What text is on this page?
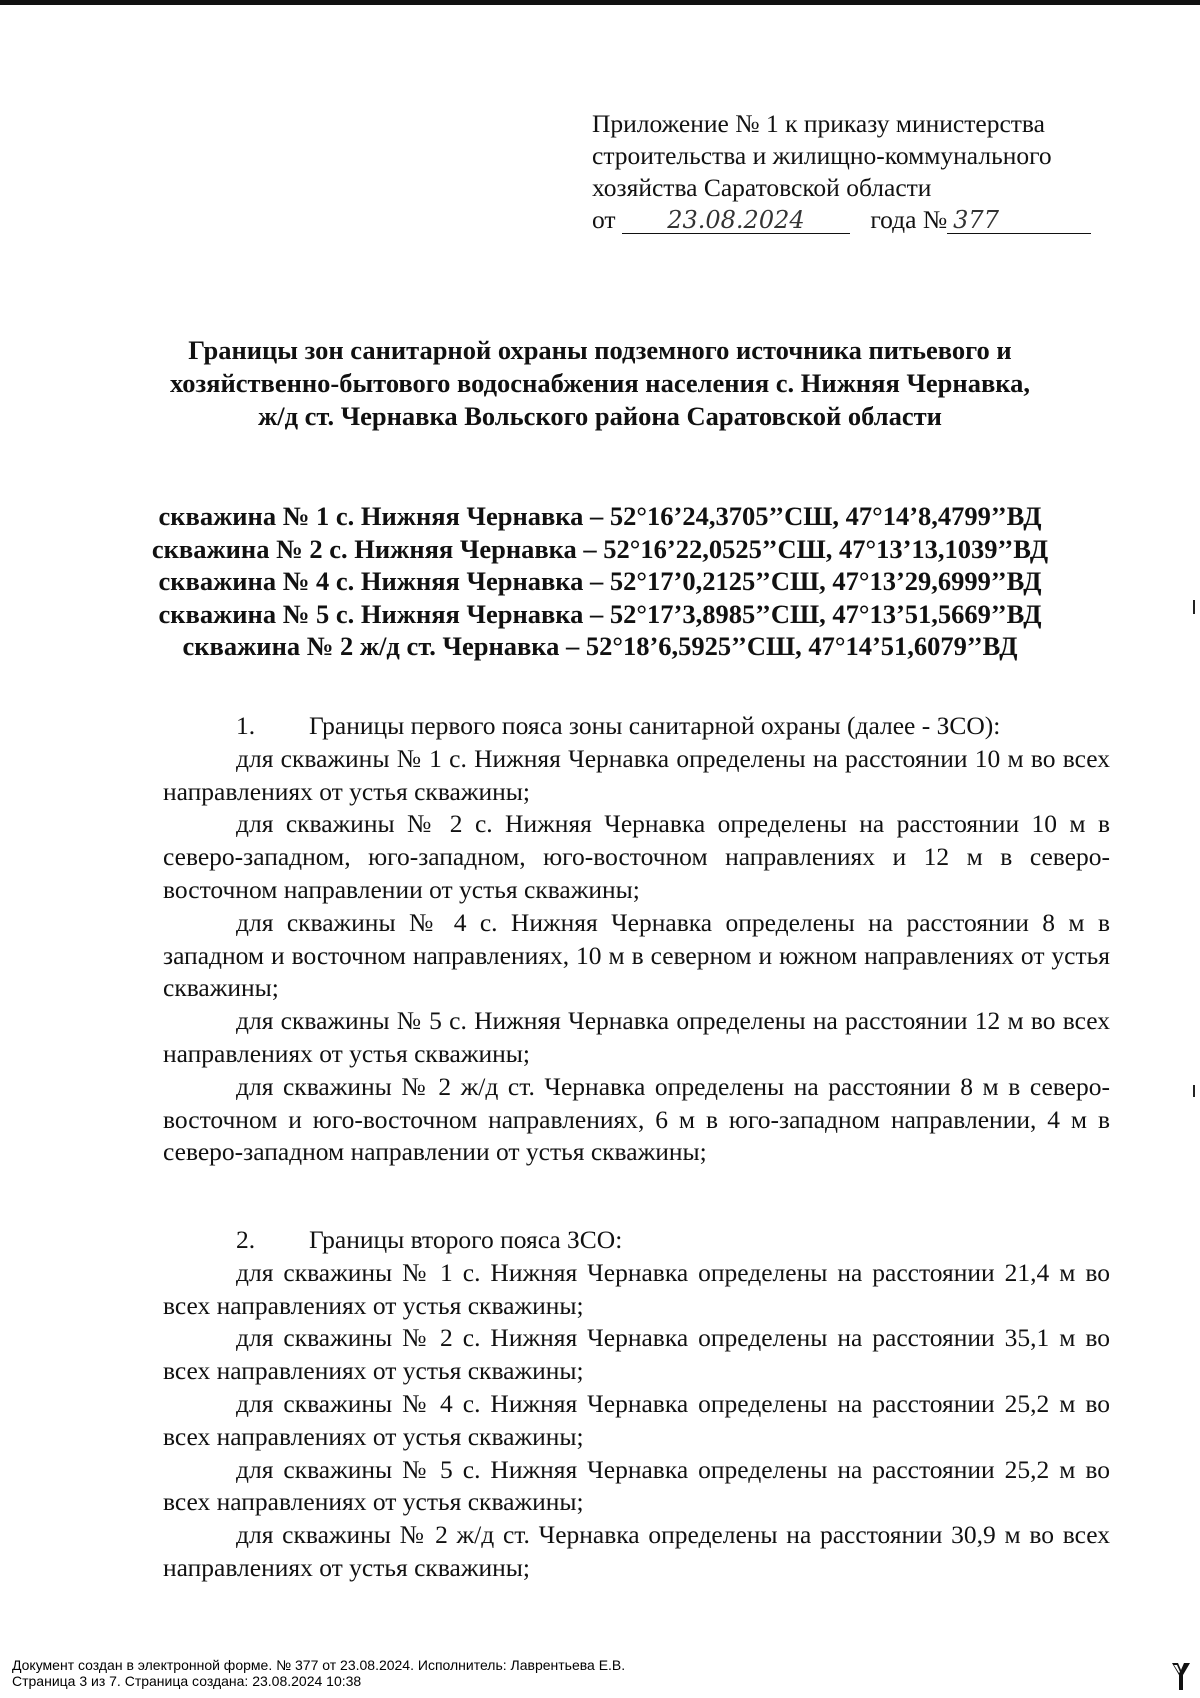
Приложение № 1 к приказу министерства
строительства и жилищно-коммунального
хозяйства Саратовской области
от 23.08.2024	года № 377
Границы зон санитарной охраны подземного источника питьевого и
хозяйственно-бытового водоснабжения населения с. Нижняя Чернавка,
ж/д ст. Чернавка Вольского района Саратовской области
скважина № 1 с. Нижняя Чернавка – 52°16’24,3705’’СШ, 47°14’8,4799’’ВД
скважина № 2 с. Нижняя Чернавка – 52°16’22,0525’’СШ, 47°13’13,1039’’ВД
скважина № 4 с. Нижняя Чернавка – 52°17’0,2125’’СШ, 47°13’29,6999’’ВД
скважина № 5 с. Нижняя Чернавка – 52°17’3,8985’’СШ, 47°13’51,5669’’ВД
скважина № 2 ж/д ст. Чернавка – 52°18’6,5925’’СШ, 47°14’51,6079’’ВД

1. Границы первого пояса зоны санитарной охраны (далее - ЗСО):

для скважины № 1 с. Нижняя Чернавка определены на расстоянии 10 м во всех направлениях от устья скважины;

для скважины № 2 с. Нижняя Чернавка определены на расстоянии 10 м в северо-западном, юго-западном, юго-восточном направлениях и 12 м в северо-восточном направлении от устья скважины;

для скважины № 4 с. Нижняя Чернавка определены на расстоянии 8 м в западном и восточном направлениях, 10 м в северном и южном направлениях от устья скважины;

для скважины № 5 с. Нижняя Чернавка определены на расстоянии 12 м во всех направлениях от устья скважины;

для скважины № 2 ж/д ст. Чернавка определены на расстоянии 8 м в северо-восточном и юго-восточном направлениях, 6 м в юго-западном направлении, 4 м в северо-западном направлении от устья скважины;

2. Границы второго пояса ЗСО:

для скважины № 1 с. Нижняя Чернавка определены на расстоянии 21,4 м во всех направлениях от устья скважины;

для скважины № 2 с. Нижняя Чернавка определены на расстоянии 35,1 м во всех направлениях от устья скважины;

для скважины № 4 с. Нижняя Чернавка определены на расстоянии 25,2 м во всех направлениях от устья скважины;

для скважины № 5 с. Нижняя Чернавка определены на расстоянии 25,2 м во всех направлениях от устья скважины;

для скважины № 2 ж/д ст. Чернавка определены на расстоянии 30,9 м во всех направлениях от устья скважины;

Документ создан в электронной форме. № 377 от 23.08.2024. Исполнитель: Лаврентьева Е.В.
Страница 3 из 7. Страница создана: 23.08.2024 10:38
